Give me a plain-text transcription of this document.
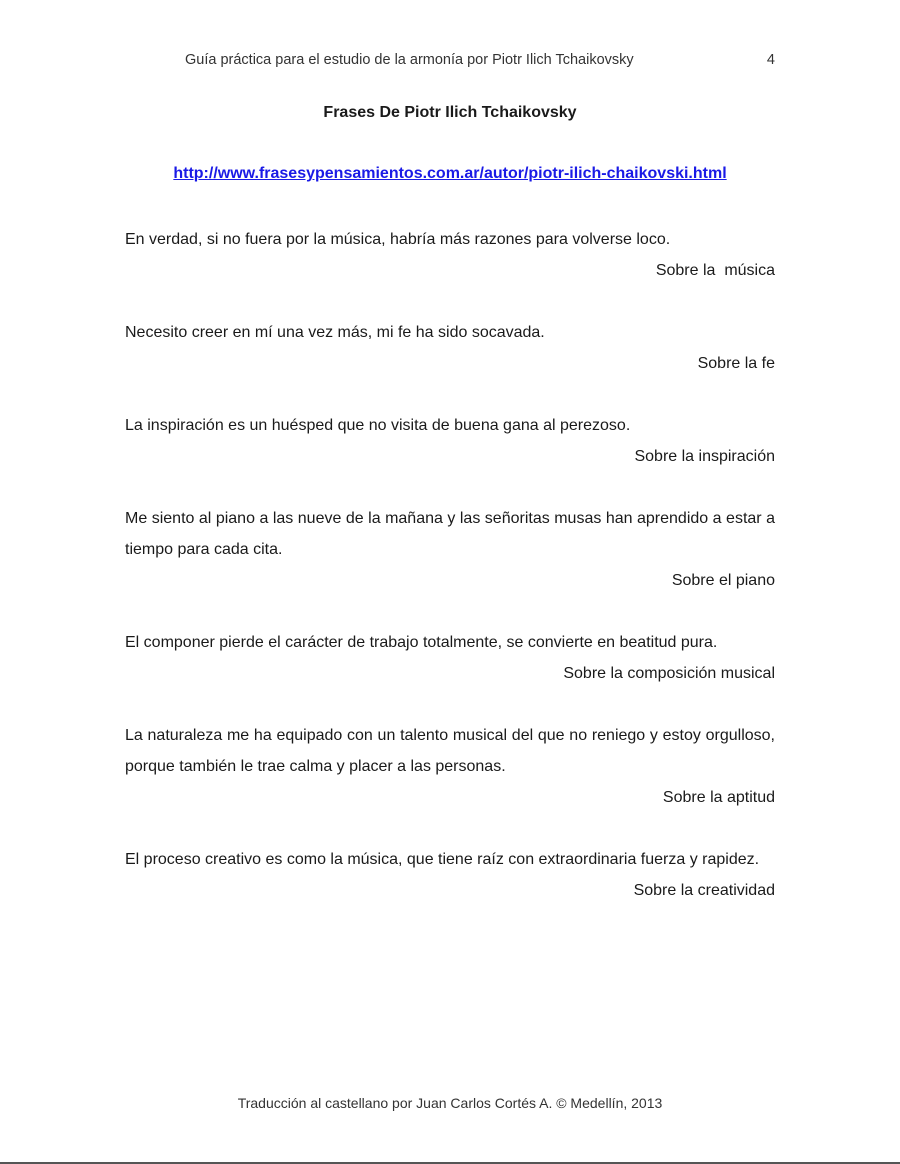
Guía práctica para el estudio de la armonía por Piotr Ilich Tchaikovsky	4
Frases De Piotr Ilich Tchaikovsky
http://www.frasesypensamientos.com.ar/autor/piotr-ilich-chaikovski.html

En verdad, si no fuera por la música, habría más razones para volverse loco.

Sobre la  música

Necesito creer en mí una vez más, mi fe ha sido socavada.

Sobre la fe

La inspiración es un huésped que no visita de buena gana al perezoso.

Sobre la inspiración

Me siento al piano a las nueve de la mañana y las señoritas musas han aprendido a estar a tiempo para cada cita.

Sobre el piano

El componer pierde el carácter de trabajo totalmente, se convierte en beatitud pura.

Sobre la composición musical

La naturaleza me ha equipado con un talento musical del que no reniego y estoy orgulloso, porque también le trae calma y placer a las personas.

Sobre la aptitud

El proceso creativo es como la música, que tiene raíz con extraordinaria fuerza y rapidez.

Sobre la creatividad

Traducción al castellano por Juan Carlos Cortés A. © Medellín, 2013
